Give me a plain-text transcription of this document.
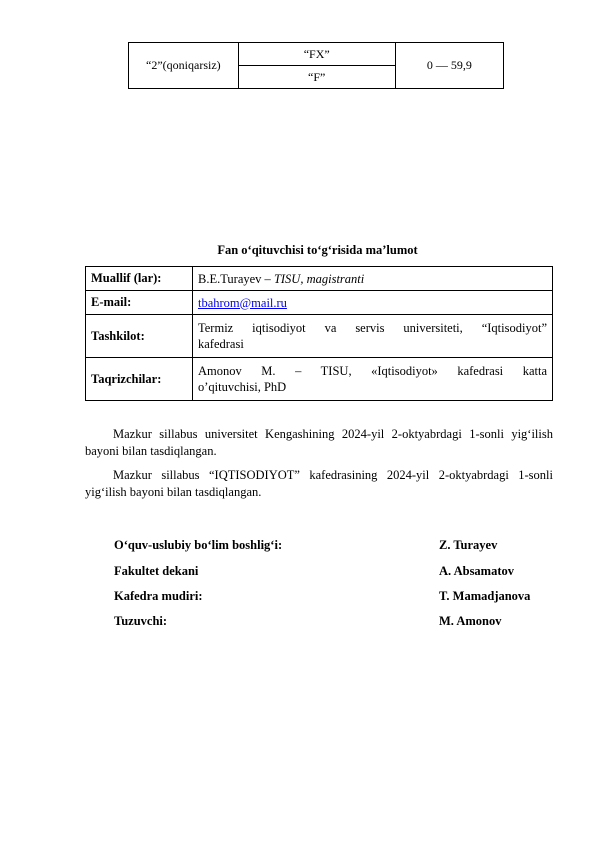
“2”(qoniqarsiz)	“FX”	0 — 59,9
“F”
Fan o‘qituvchisi to‘g‘risida ma’lumot
Muallif (lar):	B.E.Turayev – TISU, magistranti
E-mail:	tbahrom@mail.ru
Tashkilot:	Termiz iqtisodiyot va servis universiteti, “Iqtisodiyot”
kafedrasi
Taqrizchilar:	Amonov M. – TISU, «Iqtisodiyot» kafedrasi katta
o’qituvchisi, PhD
Mazkur sillabus universitet Kengashining 2024-yil 2-oktyabrdagi 1-sonli yig‘ilish bayoni bilan tasdiqlangan.
Mazkur sillabus “IQTISODIYOT” kafedrasining 2024-yil 2-oktyabrdagi 1-sonli yig‘ilish bayoni bilan tasdiqlangan.
O‘quv-uslubiy bo‘lim boshlig‘i:	Z. Turayev
Fakultet dekani	A. Absamatov
Kafedra mudiri:	T. Mamadjanova
Tuzuvchi:	M. Amonov
